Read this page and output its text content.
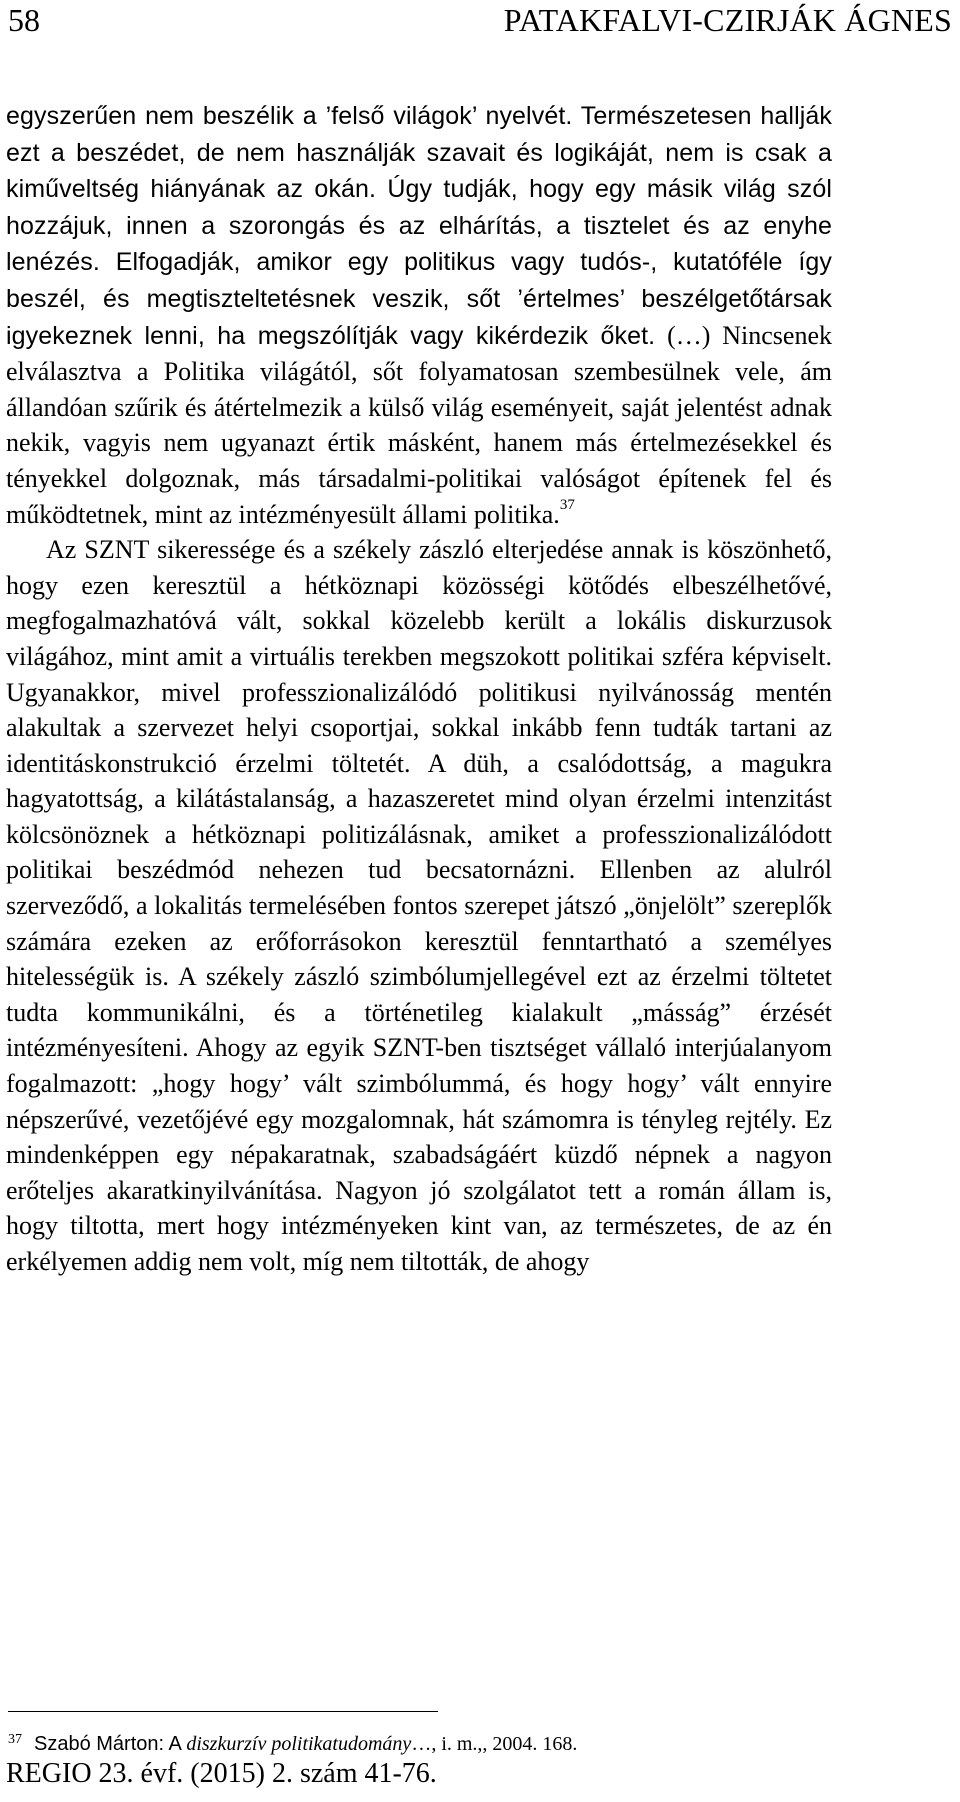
58	PATAKFALVI-CZIRJÁK ÁGNES

egyszerűen nem beszélik a ’felső világok’ nyelvét. Természetesen hallják ezt a beszédet, de nem használják szavait és logikáját, nem is csak a kiműveltség hiányának az okán. Úgy tudják, hogy egy másik világ szól hozzájuk, innen a szorongás és az elhárítás, a tisztelet és az enyhe lenézés. Elfogadják, amikor egy politikus vagy tudós-, kutatóféle így beszél, és megtiszteltetésnek veszik, sőt ’értelmes’ beszélgetőtársak igyekeznek lenni, ha megszólítják vagy kikérdezik őket. (…) Nincsenek elválasztva a Politika világától, sőt folyamatosan szembesülnek vele, ám állandóan szűrik és átértelmezik a külső világ eseményeit, saját jelentést adnak nekik, vagyis nem ugyanazt értik másként, hanem más értelmezésekkel és tényekkel dolgoznak, más társadalmi-politikai valóságot építenek fel és működtetnek, mint az intézményesült állami politika.$^{37}$

Az SZNT sikeressége és a székely zászló elterjedése annak is köszönhető, hogy ezen keresztül a hétköznapi közösségi kötődés elbeszélhetővé, megfogalmazhatóvá vált, sokkal közelebb került a lokális diskurzusok világához, mint amit a virtuális terekben megszokott politikai szféra képviselt. Ugyanakkor, mivel professzionalizálódó politikusi nyilvánosság mentén alakultak a szervezet helyi csoportjai, sokkal inkább fenn tudták tartani az identitáskonstrukció érzelmi töltetét. A düh, a csalódottság, a magukra hagyatottság, a kilátástalanság, a hazaszeretet mind olyan érzelmi intenzitást kölcsönöznek a hétköznapi politizálásnak, amiket a professzionalizálódott politikai beszédmód nehezen tud becsatornázni. Ellenben az alulról szerveződő, a lokalitás termelésében fontos szerepet játszó „önjelölt” szereplők számára ezeken az erőforrásokon keresztül fenntartható a személyes hitelességük is. A székely zászló szimbólumjellegével ezt az érzelmi töltetet tudta kommunikálni, és a történetileg kialakult „másság” érzését intézményesíteni. Ahogy az egyik SZNT-ben tisztséget vállaló interjúalanyom fogalmazott: „hogy hogy’ vált szimbólummá, és hogy hogy’ vált ennyire népszerűvé, vezetőjévé egy mozgalomnak, hát számomra is tényleg rejtély. Ez mindenképpen egy népakaratnak, szabadságáért küzdő népnek a nagyon erőteljes akaratkinyilvánítása. Nagyon jó szolgálatot tett a román állam is, hogy tiltotta, mert hogy intézményeken kint van, az természetes, de az én erkélyemen addig nem volt, míg nem tiltották, de ahogy

37 Szabó Márton: A diszkurzív politikatudomány…, i. m.,, 2004. 168.
REGIO 23. évf. (2015) 2. szám 41-76.
